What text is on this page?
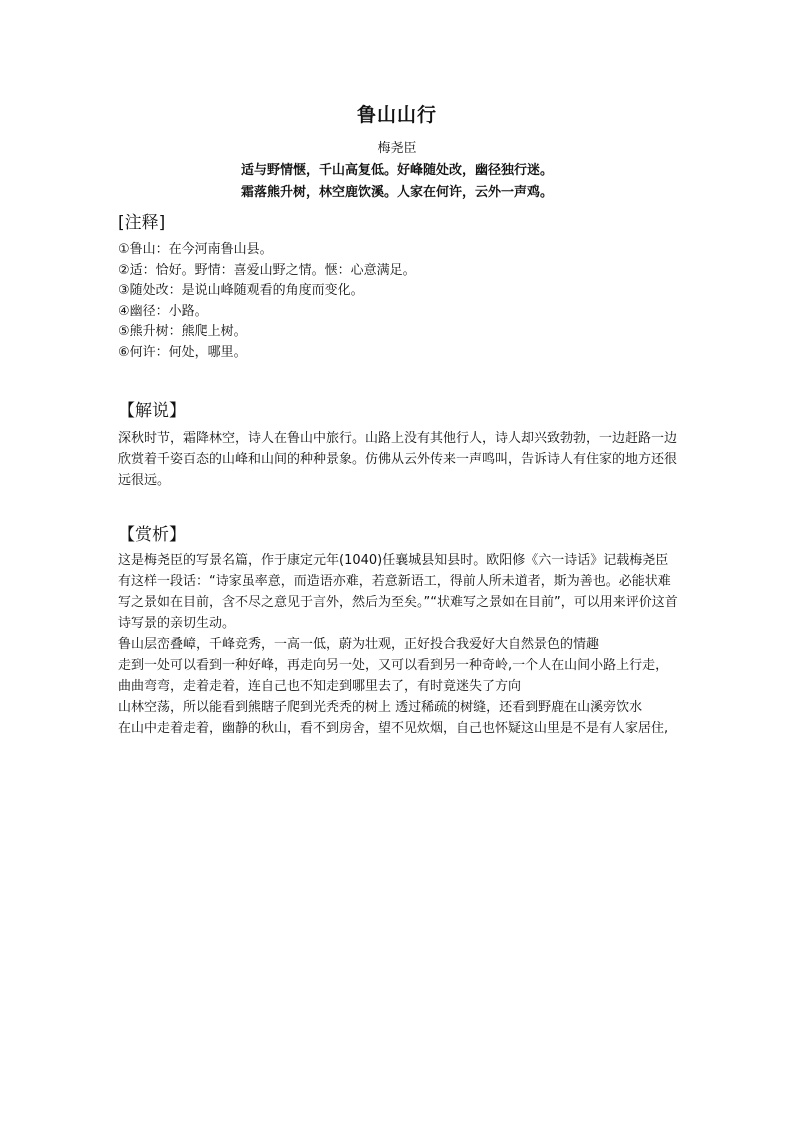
鲁山山行
梅尧臣
适与野情惬，千山高复低。好峰随处改，幽径独行迷。
霜落熊升树，林空鹿饮溪。人家在何许，云外一声鸡。
[注释]
①鲁山：在今河南鲁山县。
②适：恰好。野情：喜爱山野之情。惬：心意满足。
③随处改：是说山峰随观看的角度而变化。
④幽径：小路。
⑤熊升树：熊爬上树。
⑥何许：何处，哪里。
【解说】

深秋时节，霜降林空，诗人在鲁山中旅行。山路上没有其他行人，诗人却兴致勃勃，一边赶路一边欣赏着千姿百态的山峰和山间的种种景象。仿佛从云外传来一声鸣叫，告诉诗人有住家的地方还很远很远。

【赏析】

这是梅尧臣的写景名篇，作于康定元年(1040)任襄城县知县时。欧阳修《六一诗话》记载梅尧臣有这样一段话：“诗家虽率意，而造语亦难，若意新语工，得前人所未道者，斯为善也。必能状难写之景如在目前，含不尽之意见于言外，然后为至矣。”“状难写之景如在目前”，可以用来评价这首诗写景的亲切生动。

鲁山层峦叠嶂，千峰竞秀，一高一低，蔚为壮观，正好投合我爱好大自然景色的情趣

走到一处可以看到一种好峰，再走向另一处，又可以看到另一种奇岭,一个人在山间小路上行走，曲曲弯弯，走着走着，连自己也不知走到哪里去了，有时竟迷失了方向

山林空荡，所以能看到熊瞎子爬到光秃秃的树上 透过稀疏的树缝，还看到野鹿在山溪旁饮水

在山中走着走着，幽静的秋山，看不到房舍，望不见炊烟，自己也怀疑这山里是不是有人家居住,
